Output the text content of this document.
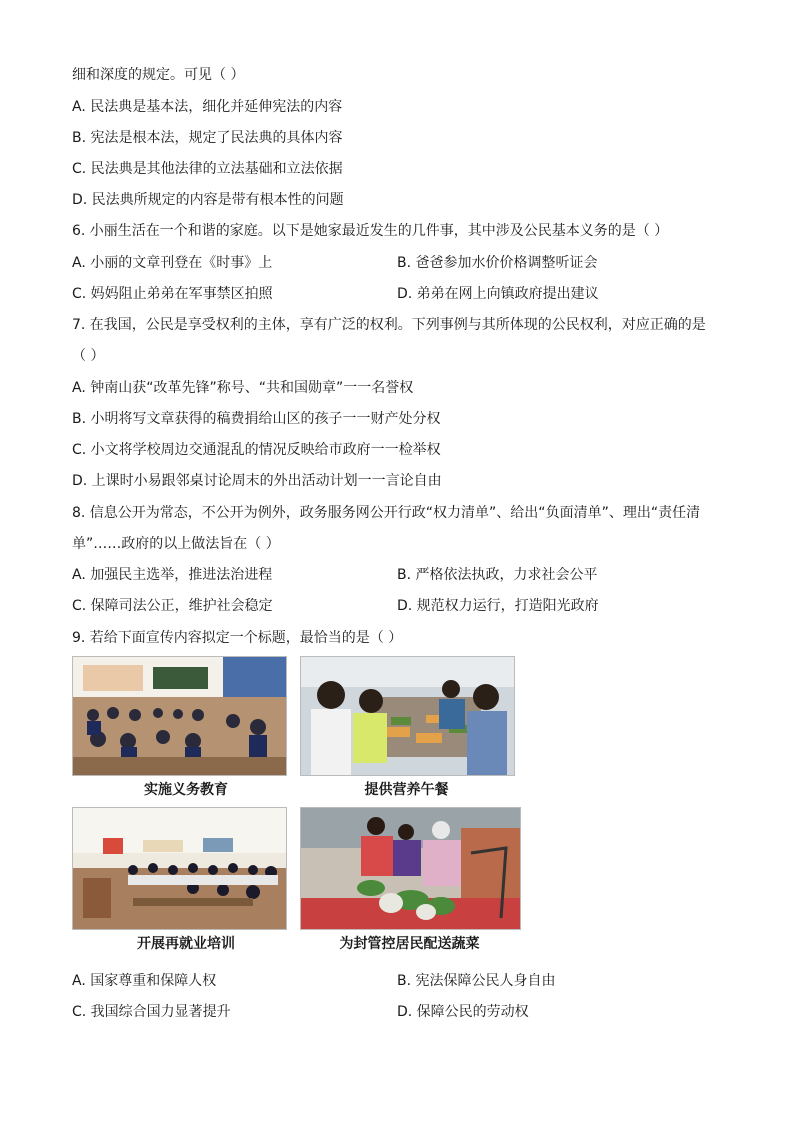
细和深度的规定。可见（ ）
A. 民法典是基本法，细化并延伸宪法的内容
B. 宪法是根本法，规定了民法典的具体内容
C. 民法典是其他法律的立法基础和立法依据
D. 民法典所规定的内容是带有根本性的问题
6. 小丽生活在一个和谐的家庭。以下是她家最近发生的几件事，其中涉及公民基本义务的是（ ）
A. 小丽的文章刊登在《时事》上	B. 爸爸参加水价价格调整听证会
C. 妈妈阻止弟弟在军事禁区拍照	D. 弟弟在网上向镇政府提出建议
7. 在我国，公民是享受权利的主体，享有广泛的权利。下列事例与其所体现的公民权利，对应正确的是
（ ）
A. 钟南山获“改革先锋”称号、“共和国勋章”一一名誉权
B. 小明将写文章获得的稿费捐给山区的孩子一一财产处分权
C. 小文将学校周边交通混乱的情况反映给市政府一一检举权
D. 上课时小易跟邻桌讨论周末的外出活动计划一一言论自由
8. 信息公开为常态，不公开为例外，政务服务网公开行政“权力清单”、给出“负面清单”、理出“责任清
单”……政府的以上做法旨在（ ）
A. 加强民主选举，推进法治进程	B. 严格依法执政，力求社会公平
C. 保障司法公正，维护社会稳定	D. 规范权力运行，打造阳光政府
9. 若给下面宣传内容拟定一个标题，最恰当的是（ ）
实施义务教育	提供营养午餐
开展再就业培训	为封管控居民配送蔬菜
A. 国家尊重和保障人权	B. 宪法保障公民人身自由
C. 我国综合国力显著提升	D. 保障公民的劳动权
